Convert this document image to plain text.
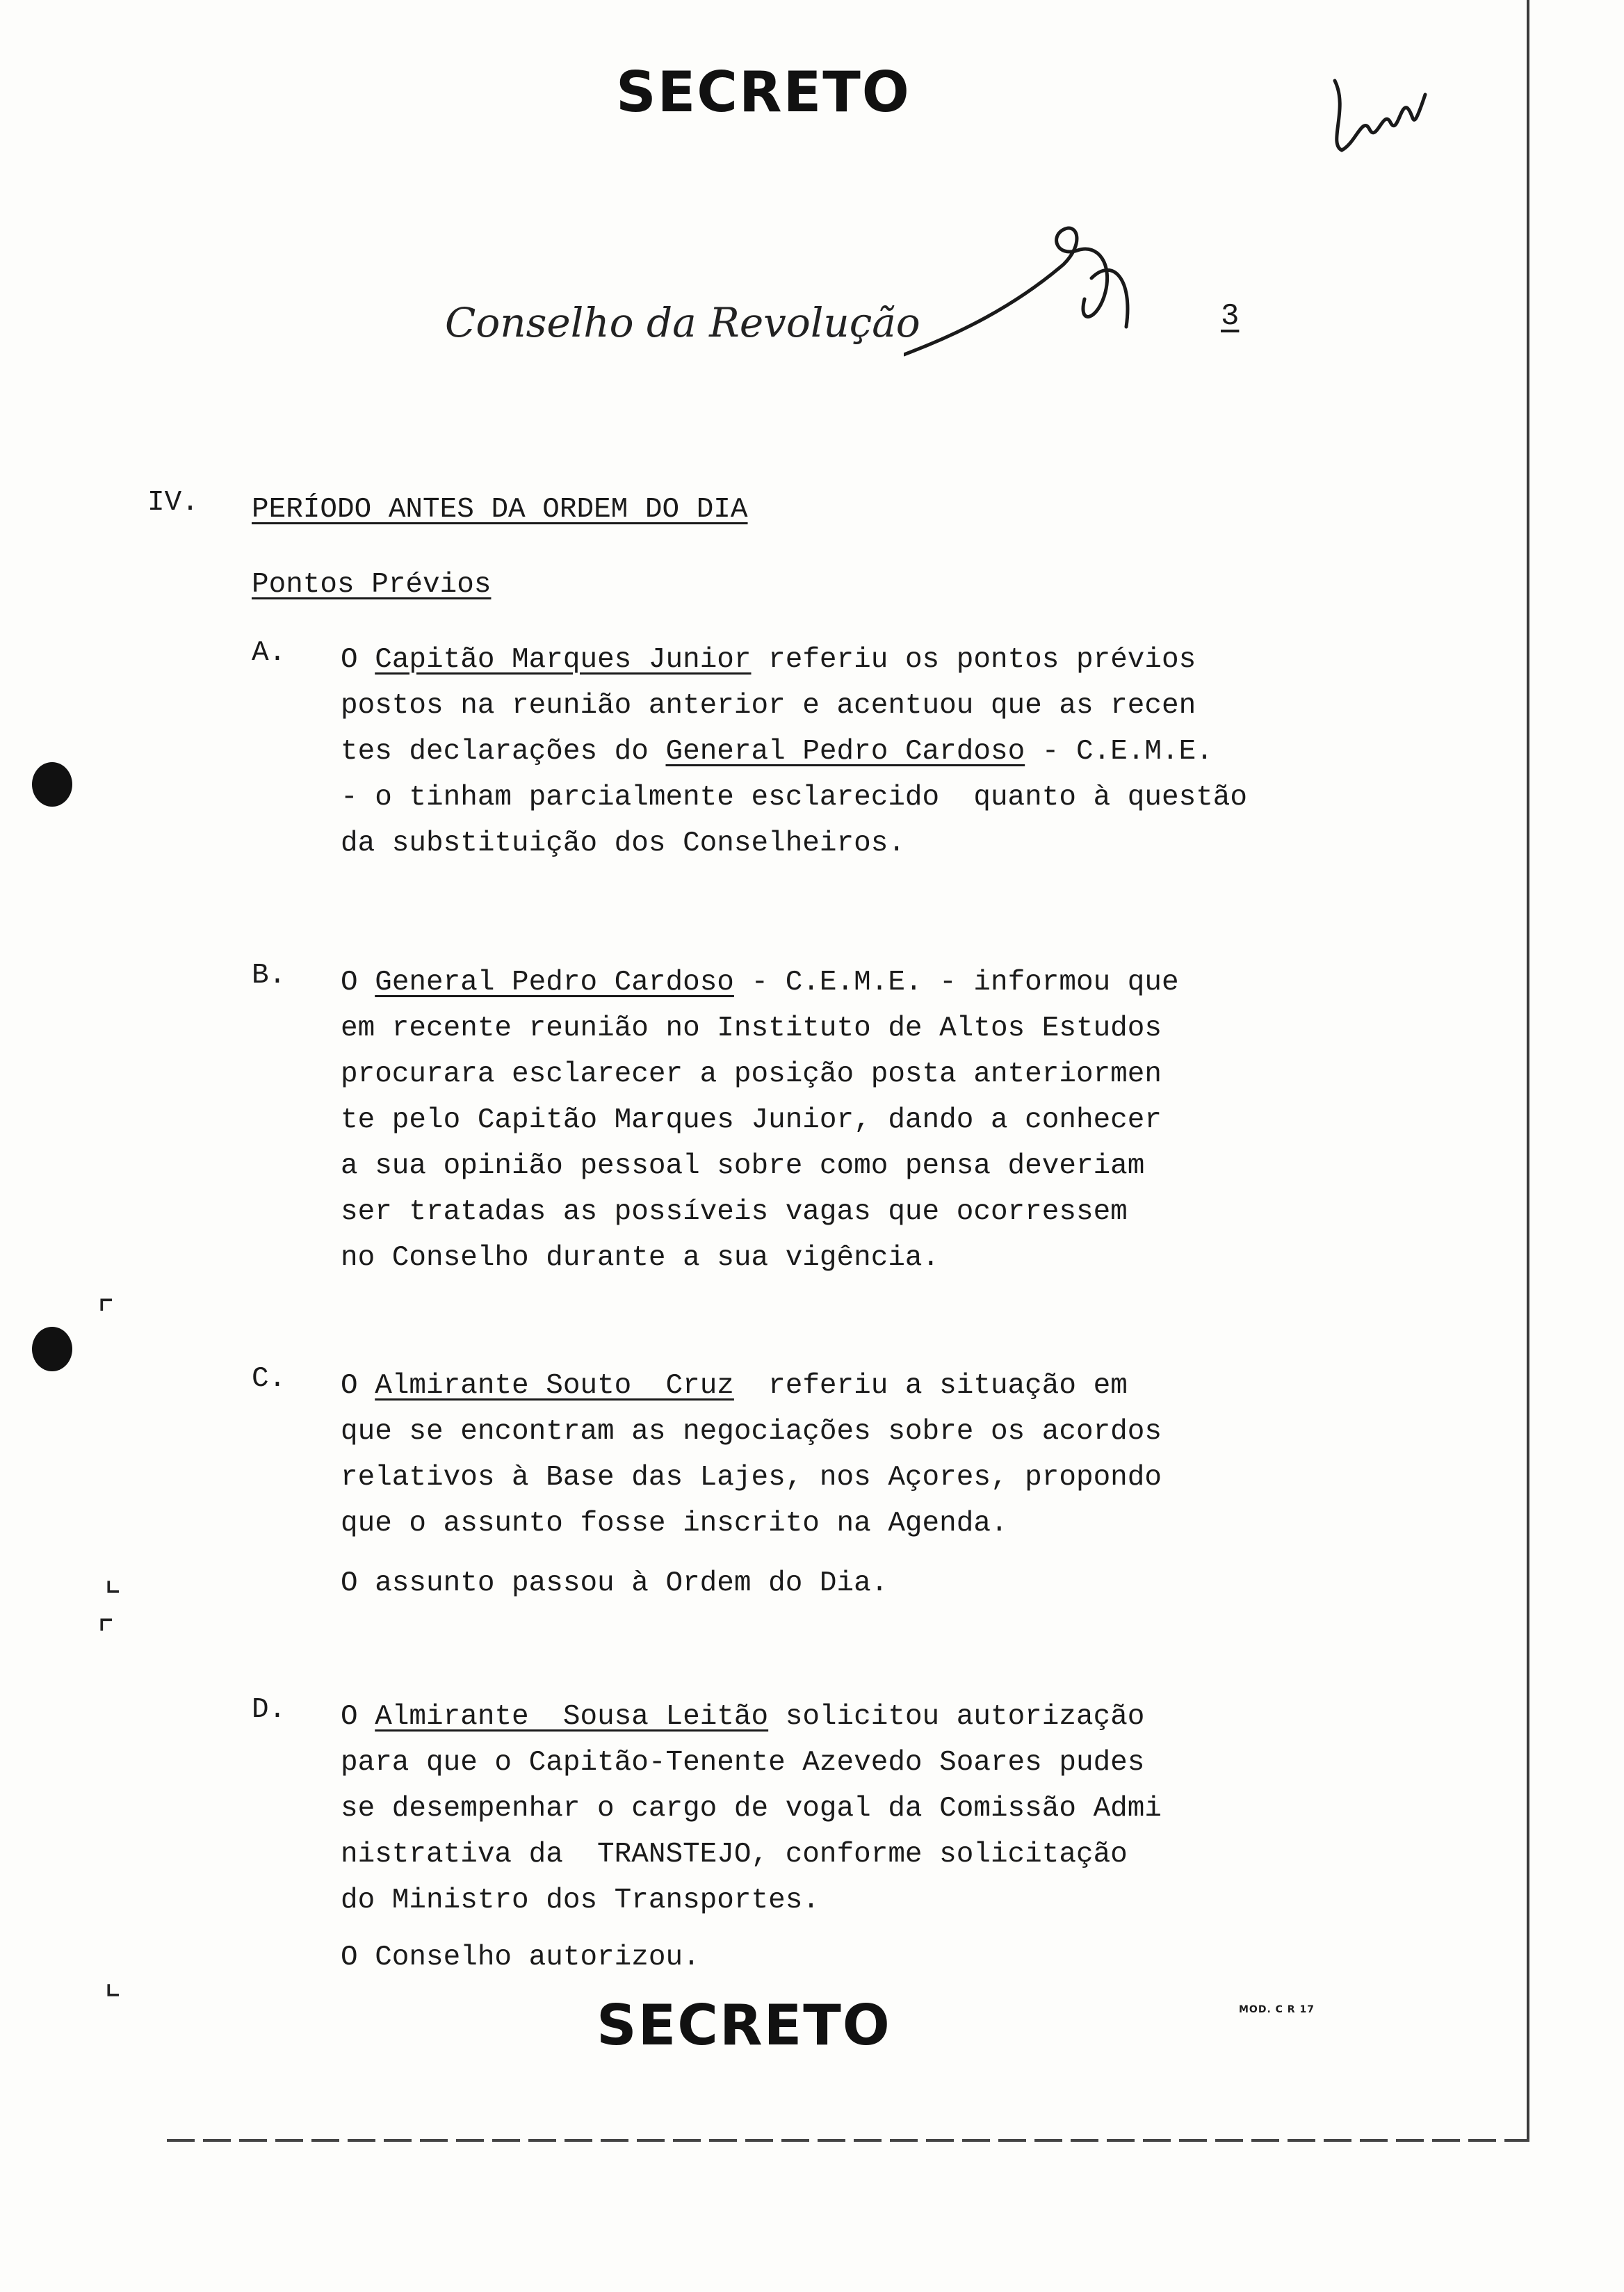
SECRETO
Conselho da Revolução	3
IV. PERÍODO ANTES DA ORDEM DO DIA
Pontos Prévios
A. O Capitão Marques Junior referiu os pontos prévios
postos na reunião anterior e acentuou que as recen
tes declarações do General Pedro Cardoso - C.E.M.E.
- o tinham parcialmente esclarecido  quanto à questão
da substituição dos Conselheiros.
B. O General Pedro Cardoso - C.E.M.E. - informou que
em recente reunião no Instituto de Altos Estudos
procurara esclarecer a posição posta anteriormen
te pelo Capitão Marques Junior, dando a conhecer
a sua opinião pessoal sobre como pensa deveriam
ser tratadas as possíveis vagas que ocorressem
no Conselho durante a sua vigência.
C. O Almirante Souto  Cruz  referiu a situação em
que se encontram as negociações sobre os acordos
relativos à Base das Lajes, nos Açores, propondo
que o assunto fosse inscrito na Agenda.
O assunto passou à Ordem do Dia.
D. O Almirante  Sousa Leitão solicitou autorização
para que o Capitão-Tenente Azevedo Soares pudes
se desempenhar o cargo de vogal da Comissão Admi
nistrativa da  TRANSTEJO, conforme solicitação
do Ministro dos Transportes.
O Conselho autorizou.
SECRETO	MOD. C R 17
⌜
⌞
⌜
⌞
